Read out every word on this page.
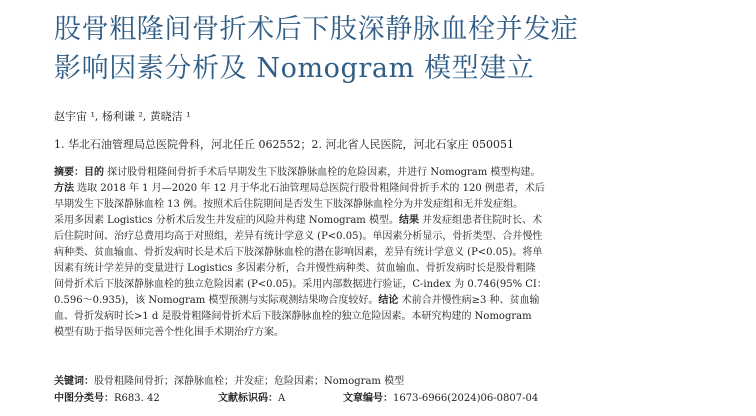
股骨粗隆间骨折术后下肢深静脉血栓并发症
影响因素分析及 Nomogram 模型建立
赵宇宙 ¹, 杨利谦 ², 黄晓洁 ¹
1. 华北石油管理局总医院骨科，河北任丘 062552；2. 河北省人民医院，河北石家庄 050051
摘要：目的 探讨股骨粗隆间骨折手术后早期发生下肢深静脉血栓的危险因素，并进行 Nomogram 模型构建。
方法 选取 2018 年 1 月—2020 年 12 月于华北石油管理局总医院行股骨粗隆间骨折手术的 120 例患者，术后
早期发生下肢深静脉血栓 13 例。按照术后住院期间是否发生下肢深静脉血栓分为并发症组和无并发症组。
采用多因素 Logistics 分析术后发生并发症的风险并构建 Nomogram 模型。结果 并发症组患者住院时长、术
后住院时间、治疗总费用均高于对照组，差异有统计学意义 (P<0.05)。单因素分析显示，骨折类型、合并慢性
病种类、贫血输血、骨折发病时长是术后下肢深静脉血栓的潜在影响因素，差异有统计学意义 (P<0.05)。将单
因素有统计学差异的变量进行 Logistics 多因素分析，合并慢性病种类、贫血输血、骨折发病时长是股骨粗隆
间骨折术后下肢深静脉血栓的独立危险因素 (P<0.05)。采用内部数据进行验证，C-index 为 0.746(95% CI：
0.596～0.935)，该 Nomogram 模型预测与实际观测结果吻合度较好。结论 术前合并慢性病≥3 种、贫血输
血、骨折发病时长>1 d 是股骨粗隆间骨折术后下肢深静脉血栓的独立危险因素。本研究构建的 Nomogram
模型有助于指导医师完善个性化围手术期治疗方案。
关键词：股骨粗隆间骨折；深静脉血栓；并发症；危险因素；Nomogram 模型
中图分类号：R683. 42	文献标识码：A	文章编号：1673-6966(2024)06-0807-04
